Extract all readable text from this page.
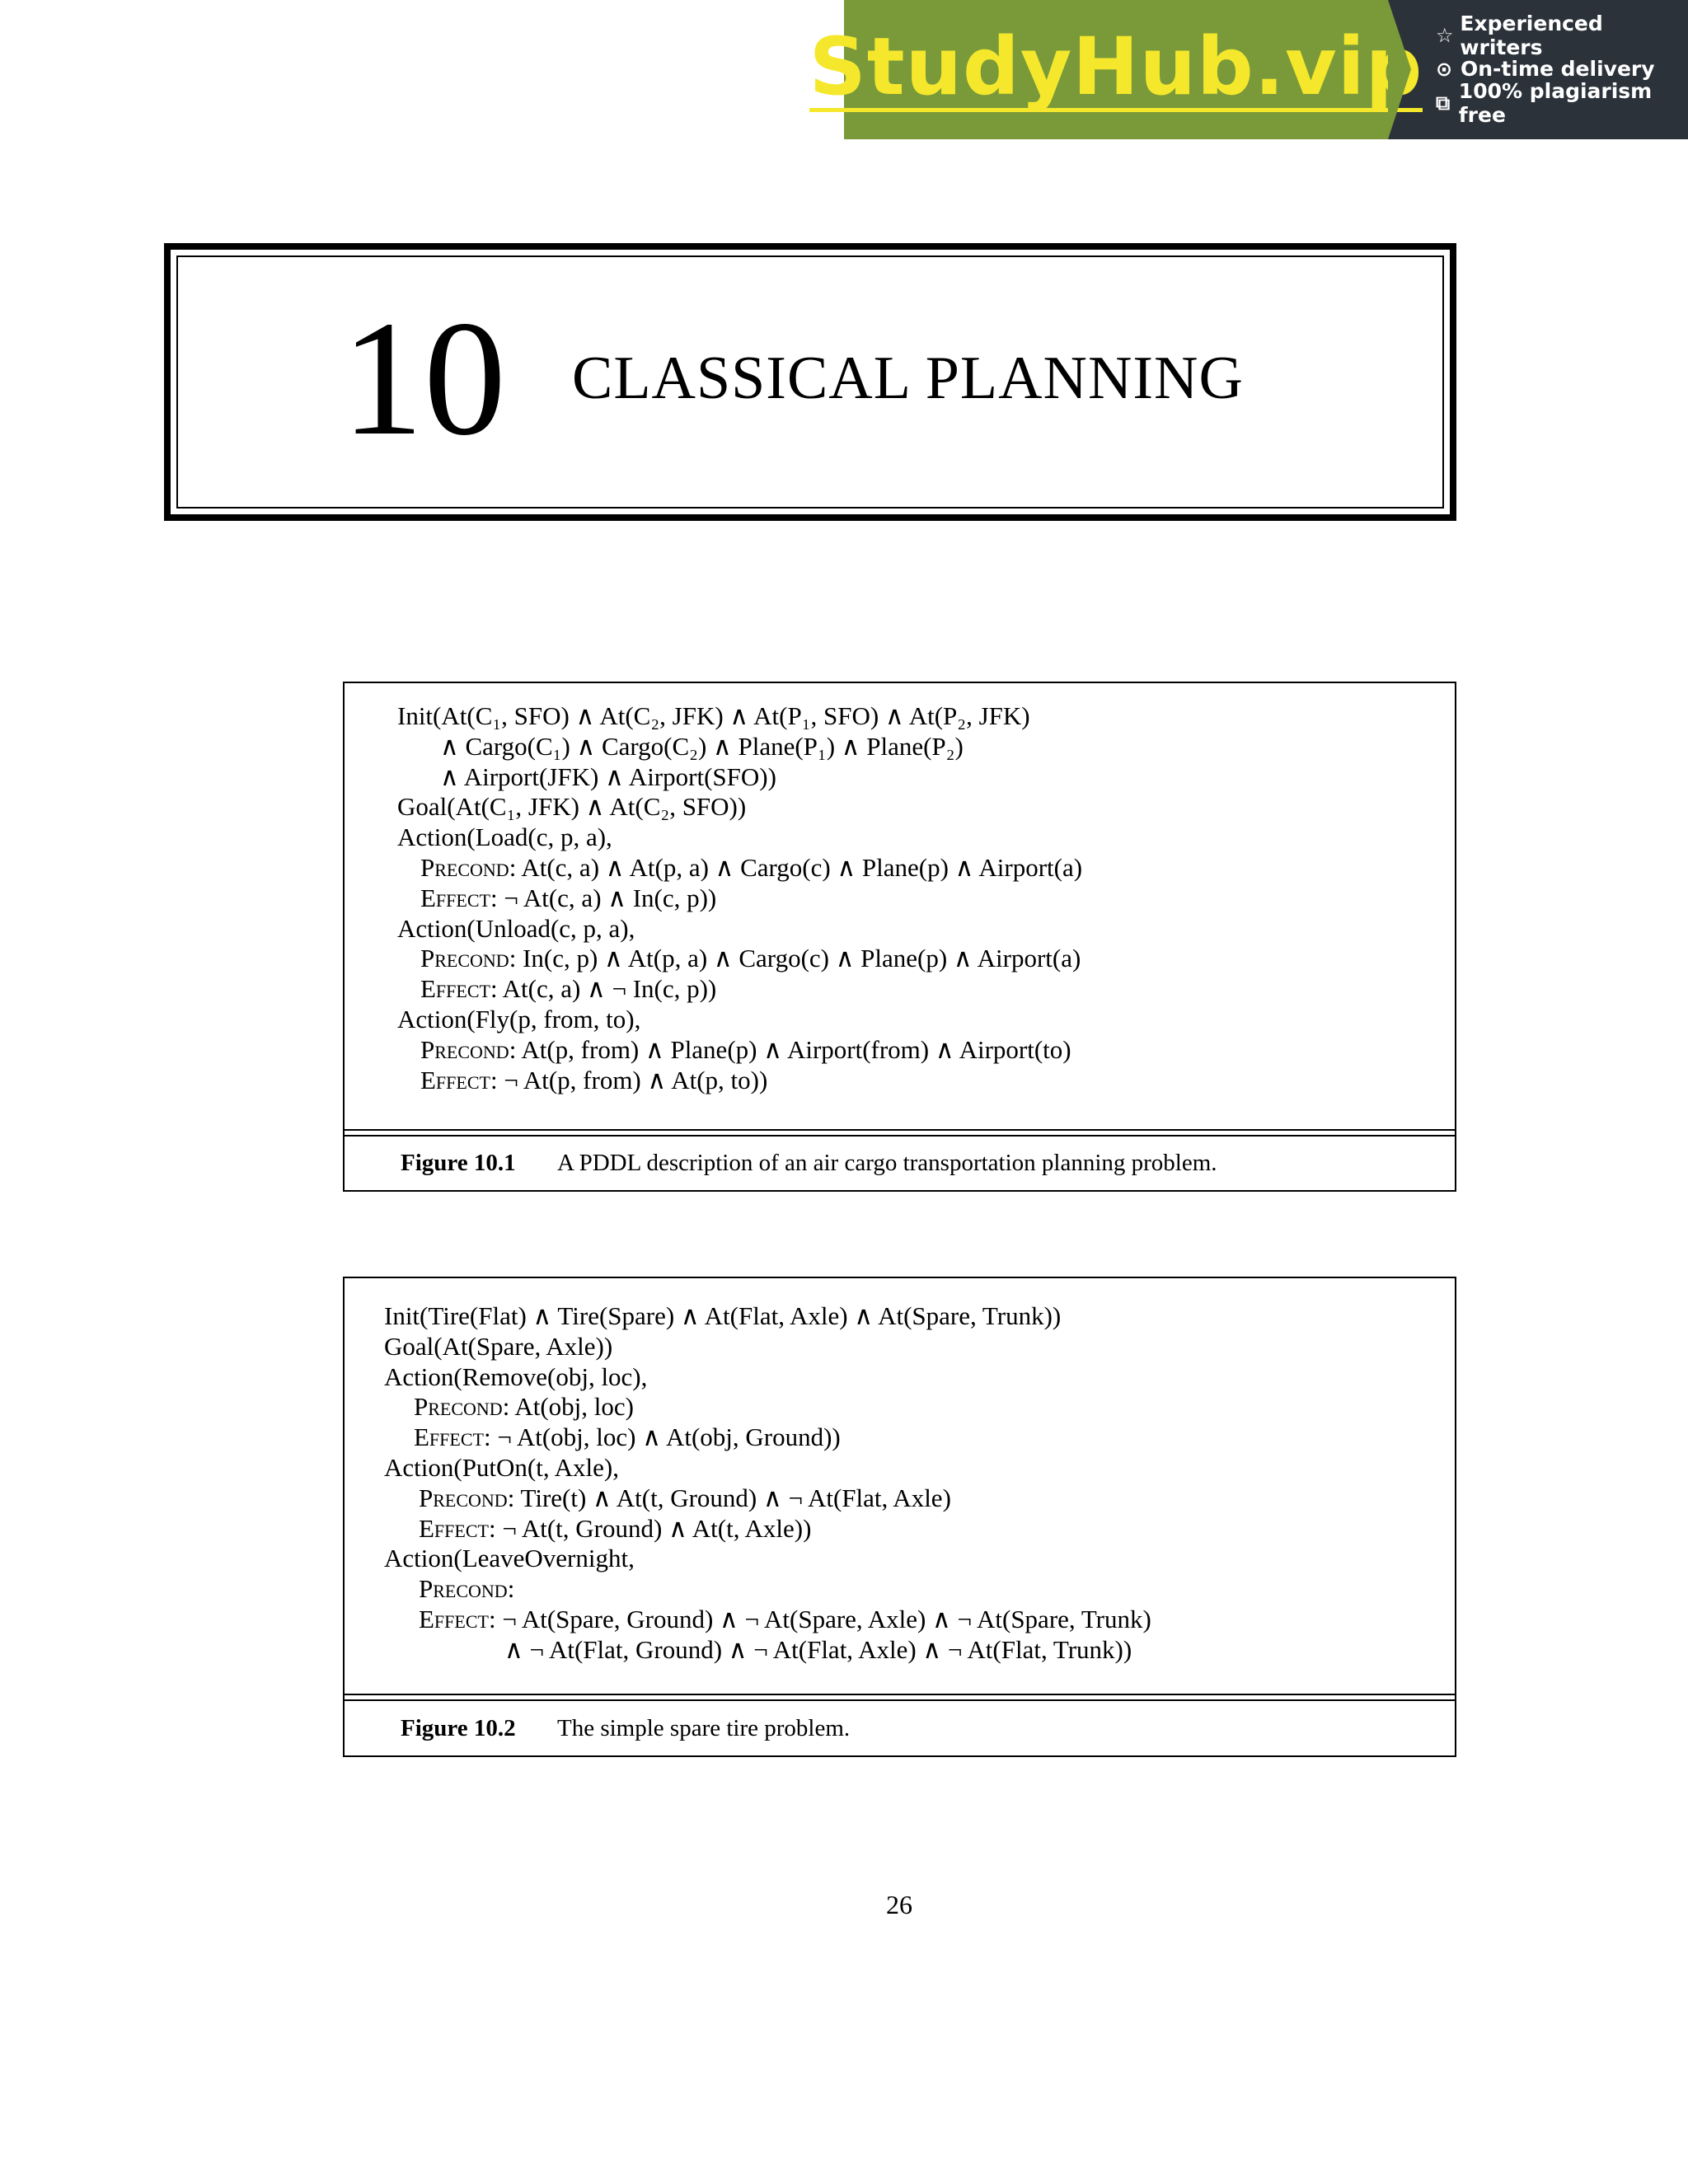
StudyHub.vip ☆ Experienced writers
⊙ On-time delivery
⧉ 100% plagiarism free
10 CLASSICAL PLANNING
Init(At(C₁, SFO) ∧ At(C₂, JFK) ∧ At(P₁, SFO) ∧ At(P₂, JFK)
∧ Cargo(C₁) ∧ Cargo(C₂) ∧ Plane(P₁) ∧ Plane(P₂)
∧ Airport(JFK) ∧ Airport(SFO))
Goal(At(C₁, JFK) ∧ At(C₂, SFO))
Action(Load(c, p, a),
Precond: At(c, a) ∧ At(p, a) ∧ Cargo(c) ∧ Plane(p) ∧ Airport(a)
Effect: ¬ At(c, a) ∧ In(c, p))
Action(Unload(c, p, a),
Precond: In(c, p) ∧ At(p, a) ∧ Cargo(c) ∧ Plane(p) ∧ Airport(a)
Effect: At(c, a) ∧ ¬ In(c, p))
Action(Fly(p, from, to),
Precond: At(p, from) ∧ Plane(p) ∧ Airport(from) ∧ Airport(to)
Effect: ¬ At(p, from) ∧ At(p, to))
Figure 10.1 A PDDL description of an air cargo transportation planning problem.
Init(Tire(Flat) ∧ Tire(Spare) ∧ At(Flat, Axle) ∧ At(Spare, Trunk))
Goal(At(Spare, Axle))
Action(Remove(obj, loc),
Precond: At(obj, loc)
Effect: ¬ At(obj, loc) ∧ At(obj, Ground))
Action(PutOn(t, Axle),
Precond: Tire(t) ∧ At(t, Ground) ∧ ¬ At(Flat, Axle)
Effect: ¬ At(t, Ground) ∧ At(t, Axle))
Action(LeaveOvernight,
Precond:
Effect: ¬ At(Spare, Ground) ∧ ¬ At(Spare, Axle) ∧ ¬ At(Spare, Trunk)
∧ ¬ At(Flat, Ground) ∧ ¬ At(Flat, Axle) ∧ ¬ At(Flat, Trunk))
Figure 10.2 The simple spare tire problem.
26
